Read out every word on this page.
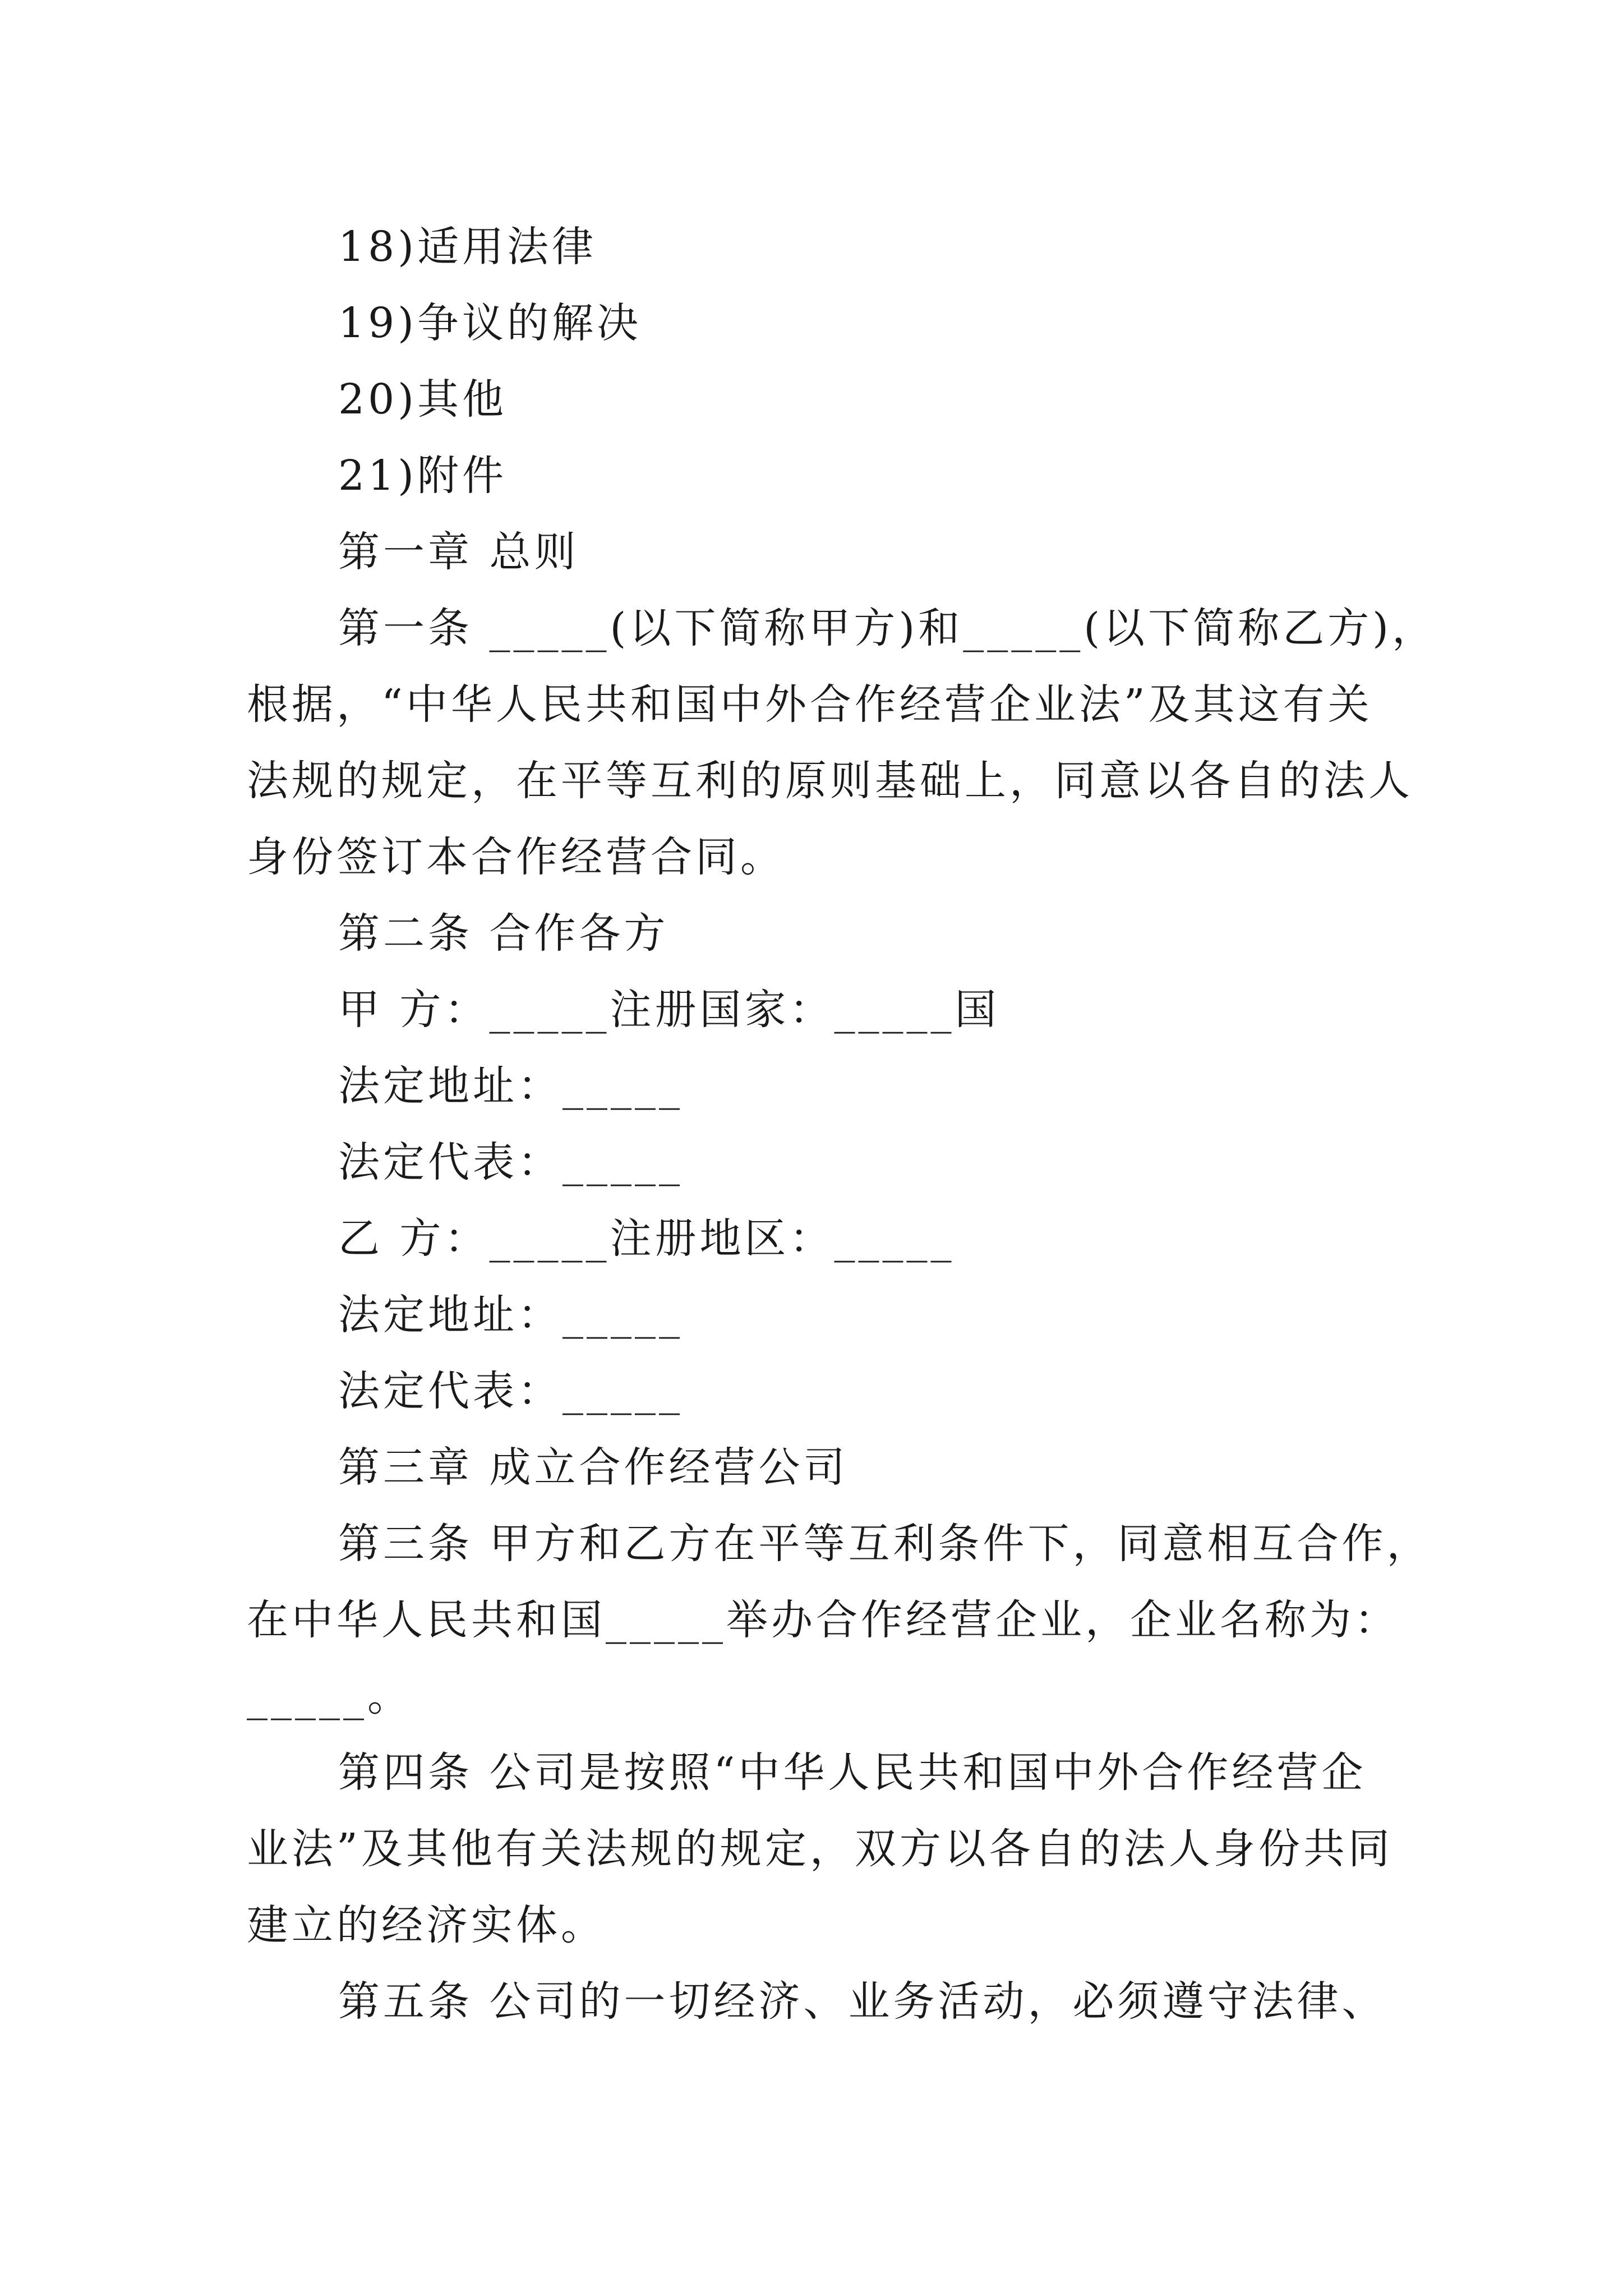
18)适用法律
19)争议的解决
20)其他
21)附件
第一章 总则
第一条 _____(以下简称甲方)和_____(以下简称乙方)，
根据，“中华人民共和国中外合作经营企业法”及其这有关
法规的规定，在平等互利的原则基础上，同意以各自的法人
身份签订本合作经营合同。
第二条 合作各方
甲 方：_____注册国家：_____国
法定地址：_____
法定代表：_____
乙 方：_____注册地区：_____
法定地址：_____
法定代表：_____
第三章 成立合作经营公司
第三条 甲方和乙方在平等互利条件下，同意相互合作，
在中华人民共和国_____举办合作经营企业，企业名称为：
_____。
第四条 公司是按照“中华人民共和国中外合作经营企
业法”及其他有关法规的规定，双方以各自的法人身份共同
建立的经济实体。
第五条 公司的一切经济、业务活动，必须遵守法律、
